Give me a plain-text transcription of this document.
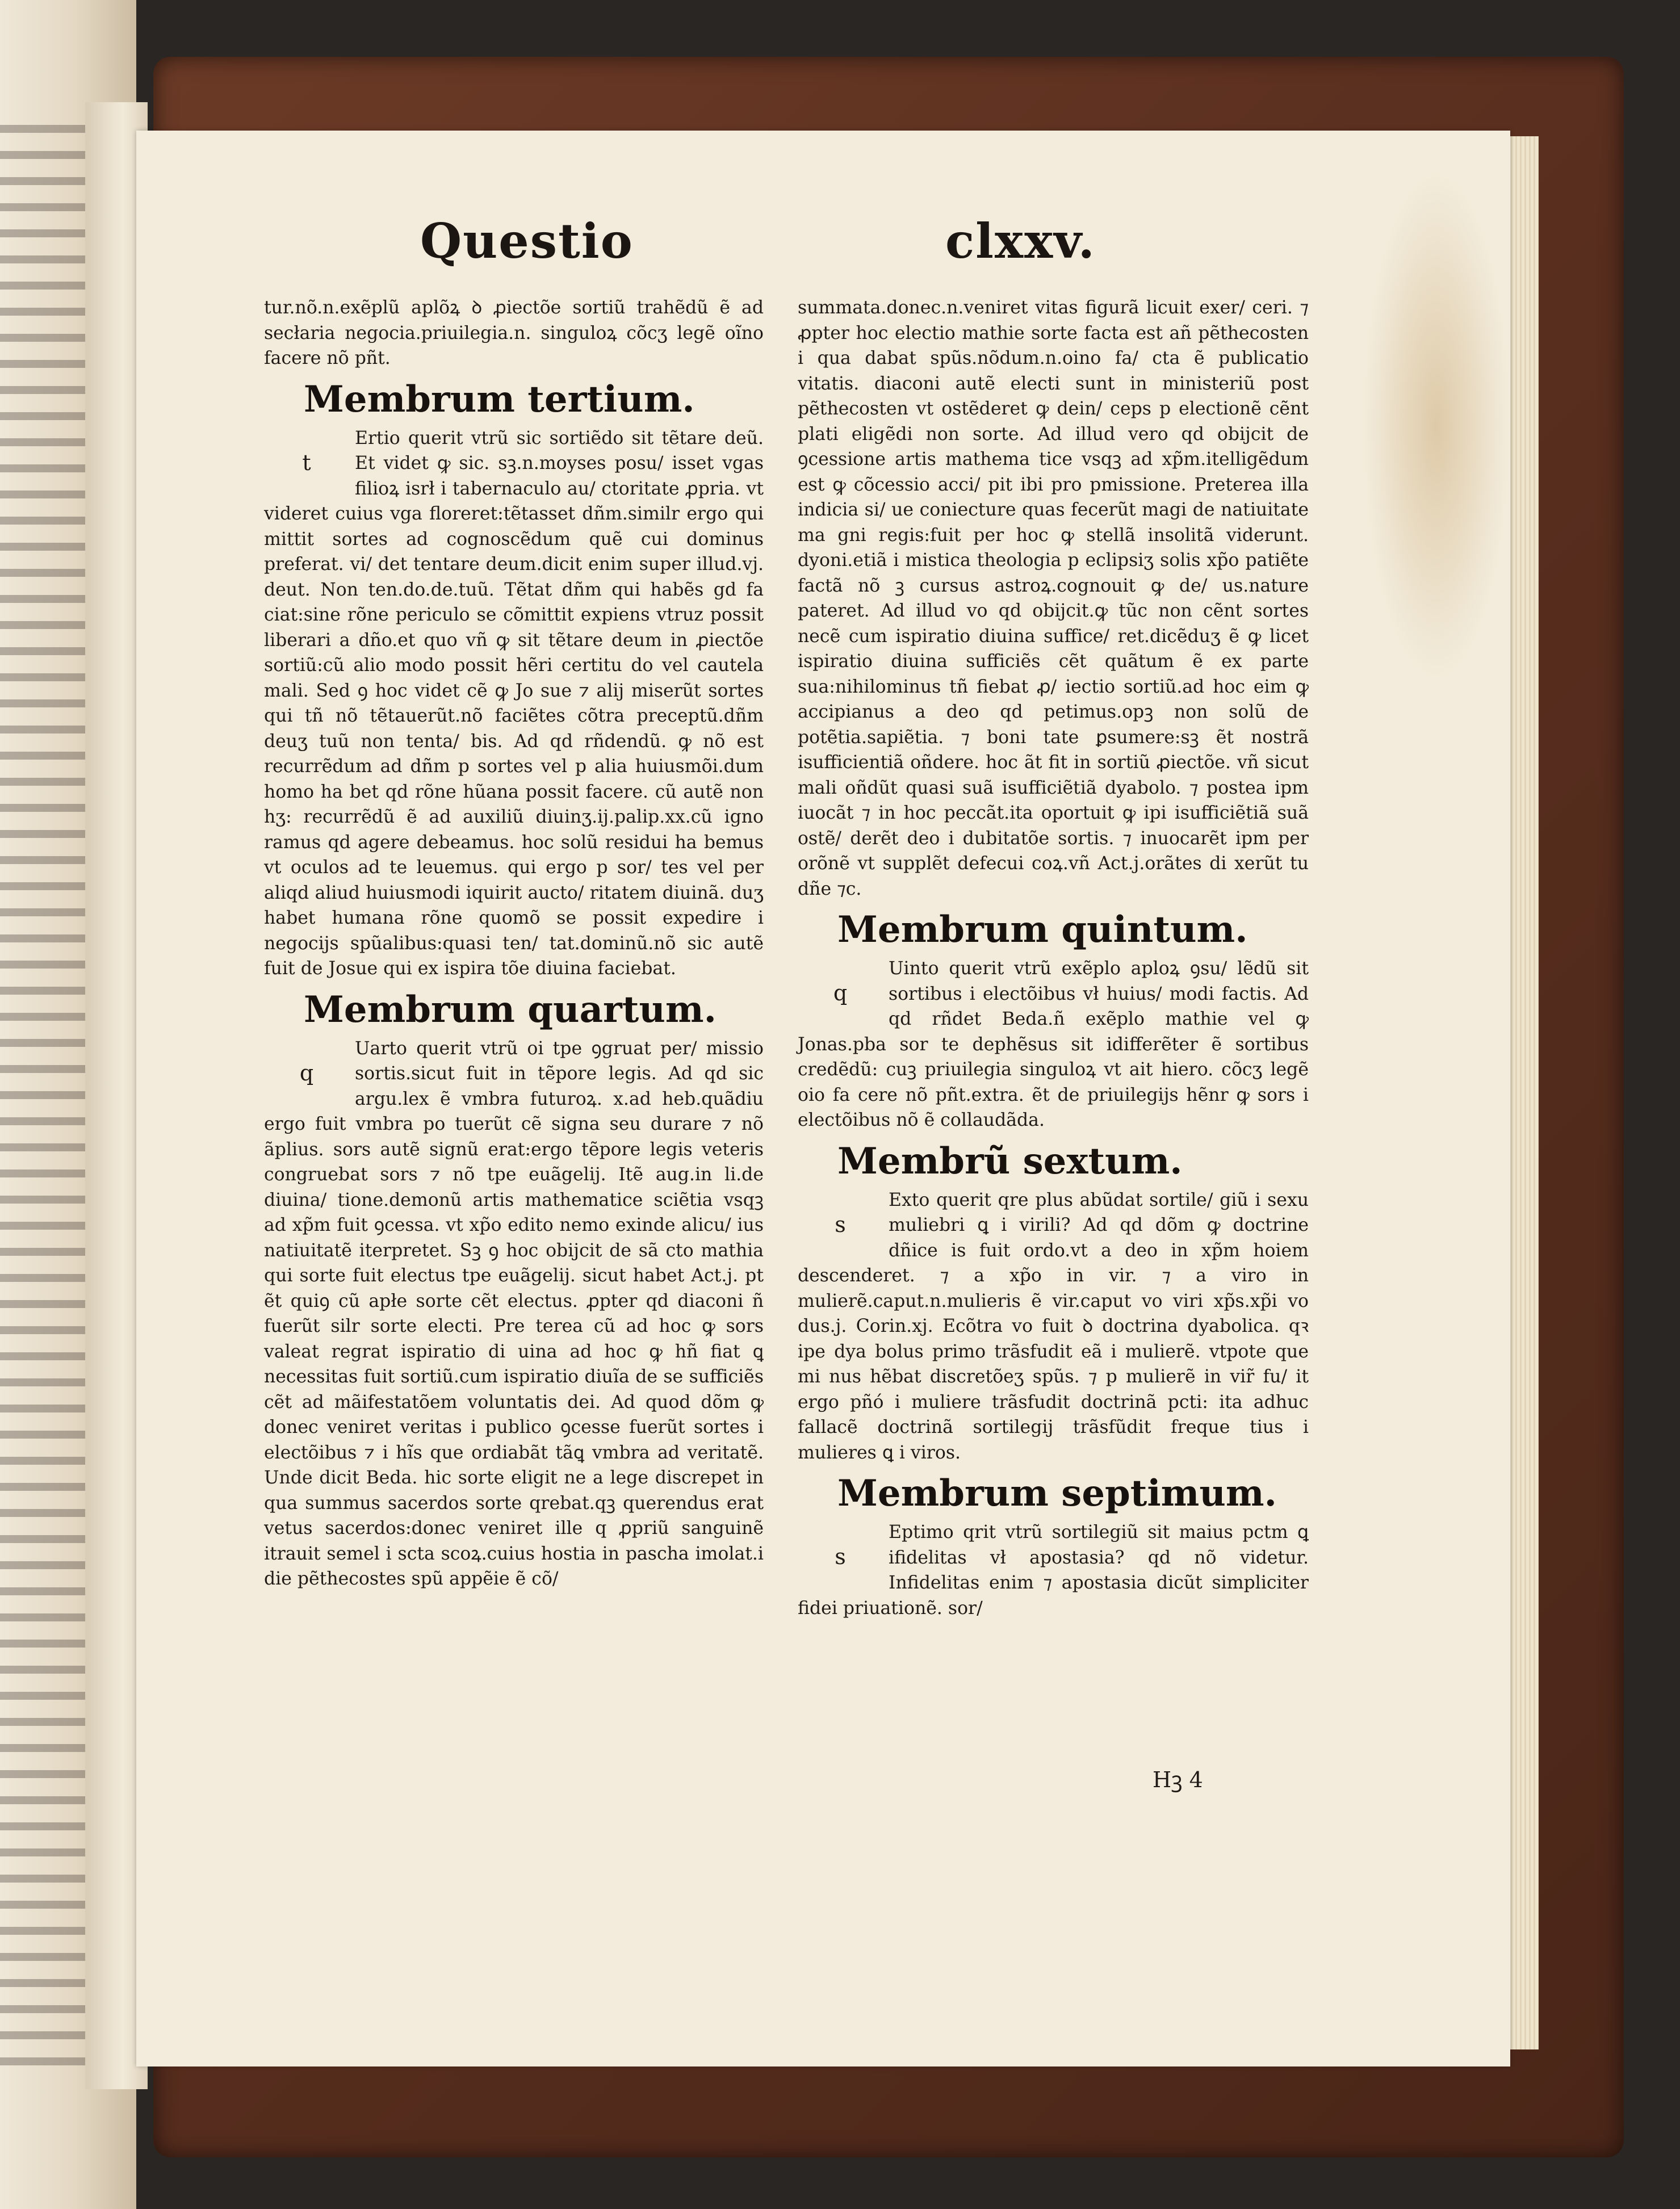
Questio	clxxv.

tur.nõ.n.exẽplũ aplõꝝ ꝺ ꝓiectõe sortiũ trahẽdũ ẽ ad secłaria negocia.priuilegia.n. singuloꝝ cõcʒ legẽ oĩno facere nõ pñt.

Membrum tertium.

t
Ertio querit vtrũ sic sortiẽdo sit tẽtare deũ. Et videt ꝙ sic. sꝫ.n.moyses posu/ isset vgas filioꝝ isrł i tabernaculo au/ ctoritate ꝓpria. vt videret cuius vga floreret:tẽtasset dñm.similr ergo qui mittit sortes ad cognoscẽdum quẽ cui dominus preferat. vi/ det tentare deum.dicit enim super illud.vj. deut. Non ten.do.de.tuũ. Tẽtat dñm qui habẽs gd fa ciat:sine rõne periculo se cõmittit expiens vtruz possit liberari a dño.et quo vñ ꝙ sit tẽtare deum in ꝓiectõe sortiũ:cũ alio modo possit hẽri certitu do vel cautela mali. Sed ꝯ hoc videt cẽ ꝙ Jo sue ⁊ alij miserũt sortes qui tñ nõ tẽtauerũt.nõ faciẽtes cõtra preceptũ.dñm deuʒ tuũ non tenta/ bis. Ad qd rñdendũ. ꝙ nõ est recurrẽdum ad dñm p sortes vel p alia huiusmõi.dum homo ha bet qd rõne hũana possit facere. cũ autẽ non hʒ: recurrẽdũ ẽ ad auxiliũ diuinʒ.ij.palip.xx.cũ igno ramus qd agere debeamus. hoc solũ residui ha bemus vt oculos ad te leuemus. qui ergo p sor/ tes vel per aliqd aliud huiusmodi iquirit aucto/ ritatem diuinã. duʒ habet humana rõne quomõ se possit expedire i negocijs spũalibus:quasi ten/ tat.dominũ.nõ sic autẽ fuit de Josue qui ex ispira tõe diuina faciebat.

Membrum quartum.

q
Uarto querit vtrũ oi tpe ꝯgruat per/ missio sortis.sicut fuit in tẽpore legis. Ad qd sic argu.lex ẽ vmbra futuroꝝ. x.ad heb.quãdiu ergo fuit vmbra po tuerũt cẽ signa seu durare ⁊ nõ ãplius. sors autẽ signũ erat:ergo tẽpore legis veteris congruebat sors ⁊ nõ tpe euãgelij. Itẽ aug.in li.de diuina/ tione.demonũ artis mathematice sciẽtia vsqꝫ ad xp̃m fuit ꝯcessa. vt xp̃o edito nemo exinde alicu/ ius natiuitatẽ iterpretet. Sꝫ ꝯ hoc obijcit de sã cto mathia qui sorte fuit electus tpe euãgelij. sicut habet Act.j. pt ẽt quiꝯ cũ apłe sorte cẽt electus. ꝓpter qd diaconi ñ fuerũt silr sorte electi. Pre terea cũ ad hoc ꝙ sors valeat regrat ispiratio di uina ad hoc ꝙ hñ fiat ꝗ necessitas fuit sortiũ.cum ispiratio diuĩa de se sufficiẽs cẽt ad mãifestatõem voluntatis dei. Ad quod dõm ꝙ donec veniret veritas i publico ꝯcesse fuerũt sortes i electõibus ⁊ i hĩs que ordiabãt tãꝗ vmbra ad veritatẽ. Unde dicit Beda. hic sorte eligit ne a lege discrepet in qua summus sacerdos sorte qrebat.qꝫ querendus erat vetus sacerdos:donec veniret ille q ꝓpriũ sanguinẽ itrauit semel i scta scoꝝ.cuius hostia in pascha imolat.i die pẽthecostes spũ appẽie ẽ cõ/

summata.donec.n.veniret vitas figurã licuit exer/ ceri. ⁊ ꝓpter hoc electio mathie sorte facta est añ pẽthecosten i qua dabat spũs.nõdum.n.oino fa/ cta ẽ publicatio vitatis. diaconi autẽ electi sunt in ministeriũ post pẽthecosten vt ostẽderet ꝙ dein/ ceps p electionẽ cẽnt plati eligẽdi non sorte. Ad illud vero qd obijcit de ꝯcessione artis mathema tice vsqꝫ ad xp̃m.itelligẽdum est ꝙ cõcessio acci/ pit ibi pro pmissione. Preterea illa indicia si/ ue coniecture quas fecerũt magi de natiuitate ma gni regis:fuit per hoc ꝙ stellã insolitã viderunt. dyoni.etiã i mistica theologia p eclipsiʒ solis xp̃o patiẽte factã nõ ꝫ cursus astroꝝ.cognouit ꝙ de/ us.nature pateret. Ad illud vo qd obijcit.ꝙ tũc non cẽnt sortes necẽ cum ispiratio diuina suffice/ ret.dicẽduʒ ẽ ꝙ licet ispiratio diuina sufficiẽs cẽt quãtum ẽ ex parte sua:nihilominus tñ fiebat ꝓ/ iectio sortiũ.ad hoc eim ꝙ accipianus a deo qd petimus.opꝫ non solũ de potẽtia.sapiẽtia. ⁊ boni tate ꝑsumere:sꝫ ẽt nostrã isufficientiã oñdere. hoc ãt fit in sortiũ ꝓiectõe. vñ sicut mali oñdũt quasi suã isufficiẽtiã dyabolo. ⁊ postea ipm iuocãt ⁊ in hoc peccãt.ita oportuit ꝙ ipi isufficiẽtiã suã ostẽ/ derẽt deo i dubitatõe sortis. ⁊ inuocarẽt ipm per orõnẽ vt supplẽt defecui coꝝ.vñ Act.j.orãtes di xerũt tu dñe ⁊c.

Membrum quintum.

q
Uinto querit vtrũ exẽplo aploꝝ ꝯsu/ lẽdũ sit sortibus i electõibus vł huius/ modi factis. Ad qd rñdet Beda.ñ exẽplo mathie vel ꝙ Jonas.pba sor te dephẽsus sit idifferẽter ẽ sortibus credẽdũ: cuꝫ priuilegia singuloꝝ vt ait hiero. cõcʒ legẽ oio fa cere nõ pñt.extra. ẽt de priuilegijs hẽnr ꝙ sors i electõibus nõ ẽ collaudãda.

Membrũ sextum.

s
Exto querit qre plus abũdat sortile/ giũ i sexu muliebri ꝗ i virili? Ad qd dõm ꝙ doctrine dñice is fuit ordo.vt a deo in xp̃m hoiem descenderet. ⁊ a xp̃o in vir. ⁊ a viro in mulierẽ.caput.n.mulieris ẽ vir.caput vo viri xp̃s.xp̃i vo dus.j. Corin.xj. Ecõtra vo fuit ꝺ doctrina dyabolica. qꝛ ipe dya bolus primo trãsfudit eã i mulierẽ. vtpote que mi nus hẽbat discretõeʒ spũs. ⁊ p mulierẽ in vir̃ fu/ it ergo pñó i muliere trãsfudit doctrinã pcti: ita adhuc fallacẽ doctrinã sortilegij trãsfũdit freque tius i mulieres ꝗ i viros.

Membrum septimum.

s
Eptimo qrit vtrũ sortilegiũ sit maius pctm ꝗ ifidelitas vł apostasia? qd nõ videtur. Infidelitas enim ⁊ apostasia dicũt simpliciter fidei priuationẽ. sor/

Hꝫ 4
